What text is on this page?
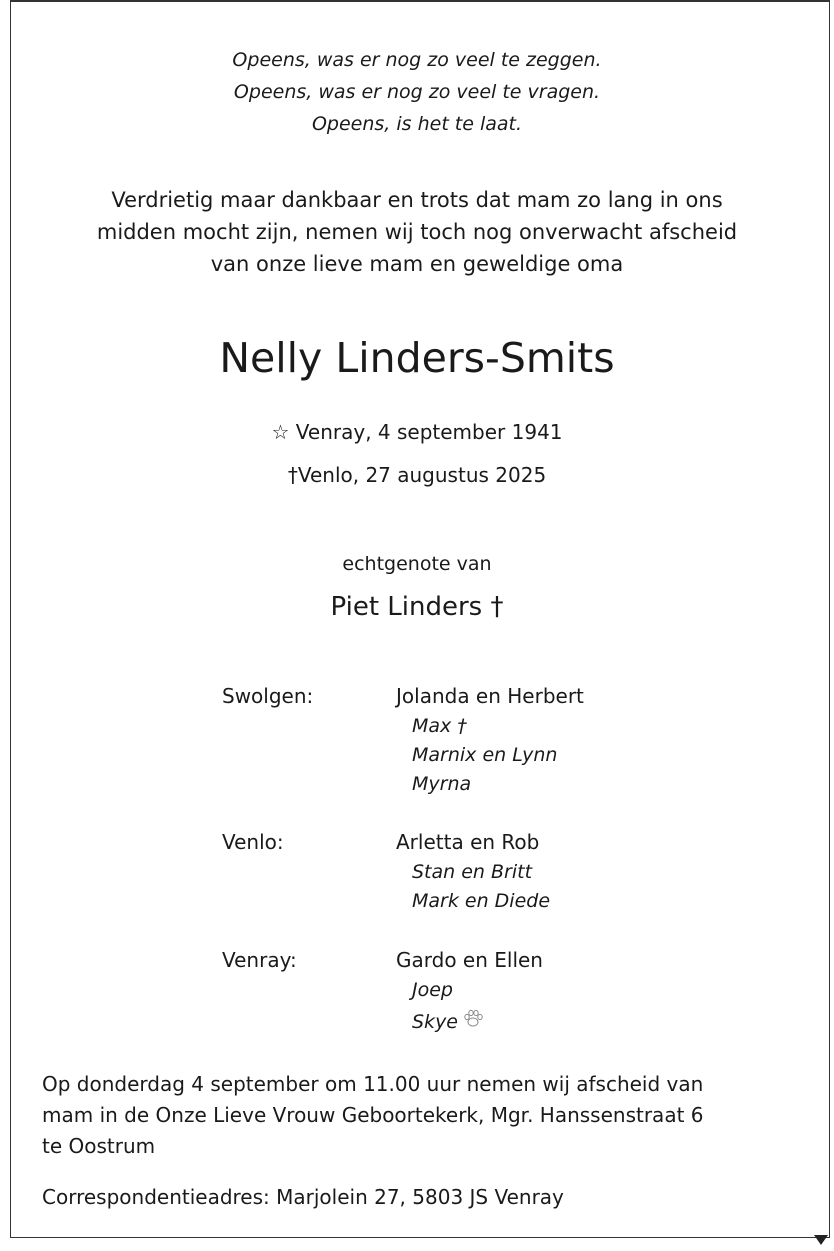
Opeens, was er nog zo veel te zeggen.
Opeens, was er nog zo veel te vragen.
Opeens, is het te laat.
Verdrietig maar dankbaar en trots dat mam zo lang in ons
midden mocht zijn, nemen wij toch nog onverwacht afscheid
van onze lieve mam en geweldige oma
Nelly Linders-Smits
☆ Venray, 4 september 1941
†Venlo, 27 augustus 2025
echtgenote van
Piet Linders †
Swolgen:	Jolanda en Herbert
Max †
Marnix en Lynn
Myrna
Venlo:	Arletta en Rob
Stan en Britt
Mark en Diede
Venray:	Gardo en Ellen
Joep
Skye
Op donderdag 4 september om 11.00 uur nemen wij afscheid van
mam in de Onze Lieve Vrouw Geboortekerk, Mgr. Hanssenstraat 6
te Oostrum
Correspondentieadres: Marjolein 27, 5803 JS Venray
